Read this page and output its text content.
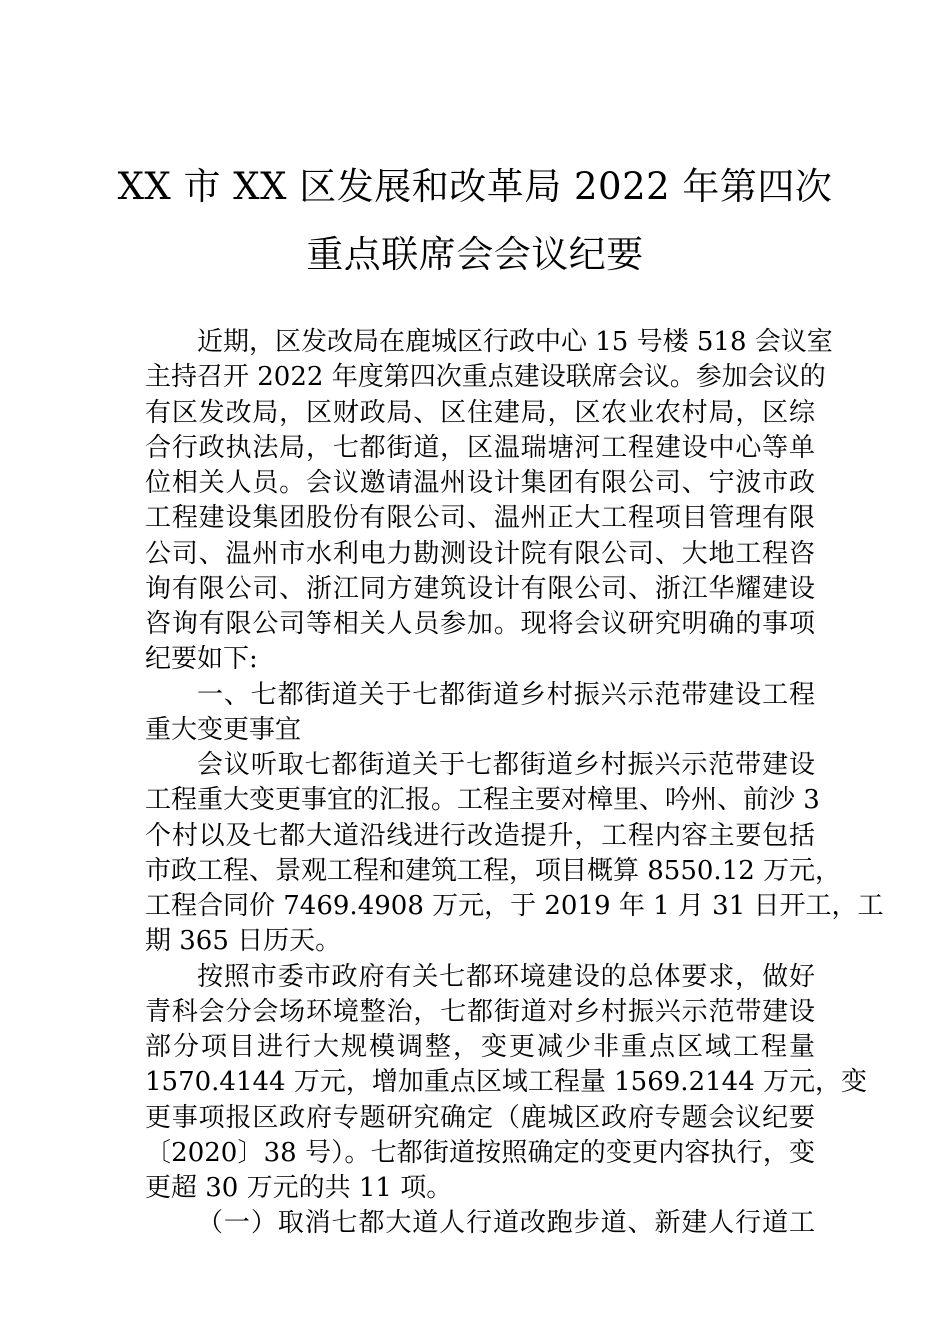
XX 市 XX 区发展和改革局 2022 年第四次
重点联席会会议纪要
近期，区发改局在鹿城区行政中心 15 号楼 518 会议室
主持召开 2022 年度第四次重点建设联席会议。参加会议的
有区发改局，区财政局、区住建局，区农业农村局，区综
合行政执法局，七都街道，区温瑞塘河工程建设中心等单
位相关人员。会议邀请温州设计集团有限公司、宁波市政
工程建设集团股份有限公司、温州正大工程项目管理有限
公司、温州市水利电力勘测设计院有限公司、大地工程咨
询有限公司、浙江同方建筑设计有限公司、浙江华耀建设
咨询有限公司等相关人员参加。现将会议研究明确的事项
纪要如下:
一、七都街道关于七都街道乡村振兴示范带建设工程
重大变更事宜
会议听取七都街道关于七都街道乡村振兴示范带建设
工程重大变更事宜的汇报。工程主要对樟里、吟州、前沙 3
个村以及七都大道沿线进行改造提升，工程内容主要包括
市政工程、景观工程和建筑工程，项目概算 8550.12 万元，
工程合同价 7469.4908 万元，于 2019 年 1 月 31 日开工，工
期 365 日历天。
按照市委市政府有关七都环境建设的总体要求，做好
青科会分会场环境整治，七都街道对乡村振兴示范带建设
部分项目进行大规模调整，变更减少非重点区域工程量
1570.4144 万元，增加重点区域工程量 1569.2144 万元，变
更事项报区政府专题研究确定（鹿城区政府专题会议纪要
〔2020〕38 号）。七都街道按照确定的变更内容执行，变
更超 30 万元的共 11 项。
（一）取消七都大道人行道改跑步道、新建人行道工
